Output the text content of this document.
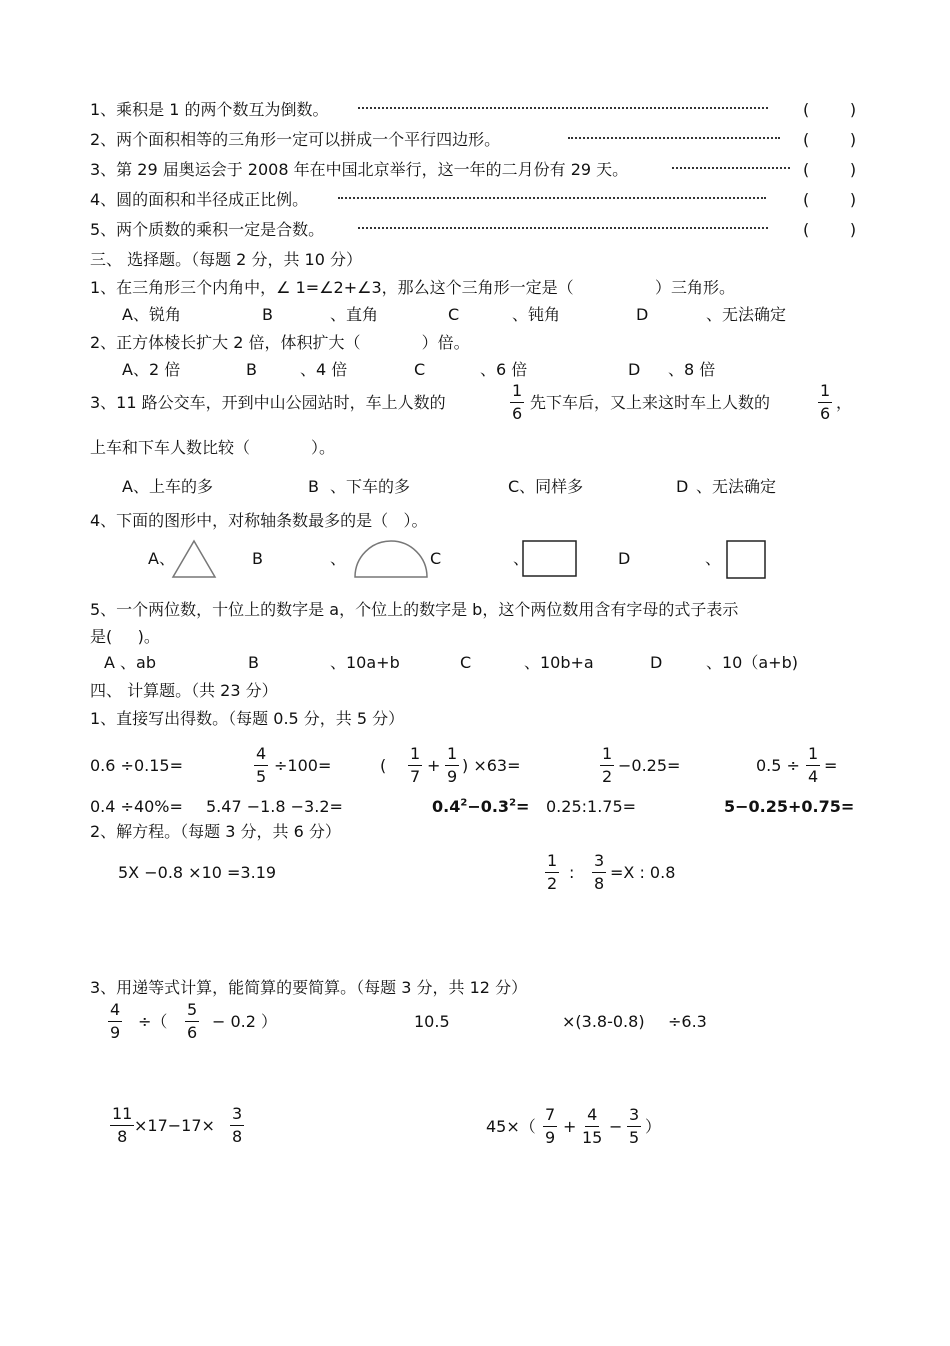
1、乘积是 1 的两个数互为倒数。	(        )
2、两个面积相等的三角形一定可以拼成一个平行四边形。	(        )
3、第 29 届奥运会于 2008 年在中国北京举行，这一年的二月份有 29 天。	(        )
4、圆的面积和半径成正比例。	(        )
5、两个质数的乘积一定是合数。	(        )
三、 选择题。（每题 2 分，共 10 分）
1、在三角形三个内角中，∠ 1=∠2+∠3，那么这个三角形一定是（                ）三角形。
A、锐角	B	、直角	C	、钝角	D	、无法确定
2、正方体棱长扩大 2 倍，体积扩大（            ）倍。
A、2 倍	B	、4 倍	C	、6 倍	D 、8 倍
3、11 路公交车，开到中山公园站时，车上人数的	$\frac{1}{6}$ 先下车后，又上来这时车上人数的	$\frac{1}{6}$ ，
上车和下车人数比较（            ）。
A、上车的多	B 、下车的多	C、同样多	D 、无法确定
4、下面的图形中，对称轴条数最多的是（   ）。
A、	B	、	C	、	D	、
5、一个两位数，十位上的数字是 a，个位上的数字是 b，这个两位数用含有字母的式子表示
是(     )。
A 、ab	B	、10a+b	C	、10b+a	D	、10（a+b)
四、 计算题。（共 23 分）
1、直接写出得数。（每题 0.5 分，共 5 分）
0.6 ÷0.15=	$\frac{4}{5} \div 100=$	( $\frac{1}{7} + \frac{1}{9}$ ) ×63=	$\frac{1}{2} -0.25=$	$0.5 \div \frac{1}{4}$ =
0.4 ÷40%= 5.47 −1.8 −3.2=	$0.4^2-0.3^2=$ 0.25:1.75=	5−0.25+0.75=
2、解方程。（每题 3 分，共 6 分）
5X −0.8 ×10 =3.19	$\frac{1}{2}$ : $\frac{3}{8} =X$ : 0.8
3、用递等式计算，能简算的要简算。（每题 3 分，共 12 分）
$\frac{4}{9}$ ÷（ $\frac{5}{6} - 0.2$ ）	10.5	×(3.8-0.8) ÷6.3
$\frac{11}{8} \times 17-17\times \frac{3}{8}$	$45\times( \frac{7}{9} + \frac{4}{15} - \frac{3}{5}$ ）
